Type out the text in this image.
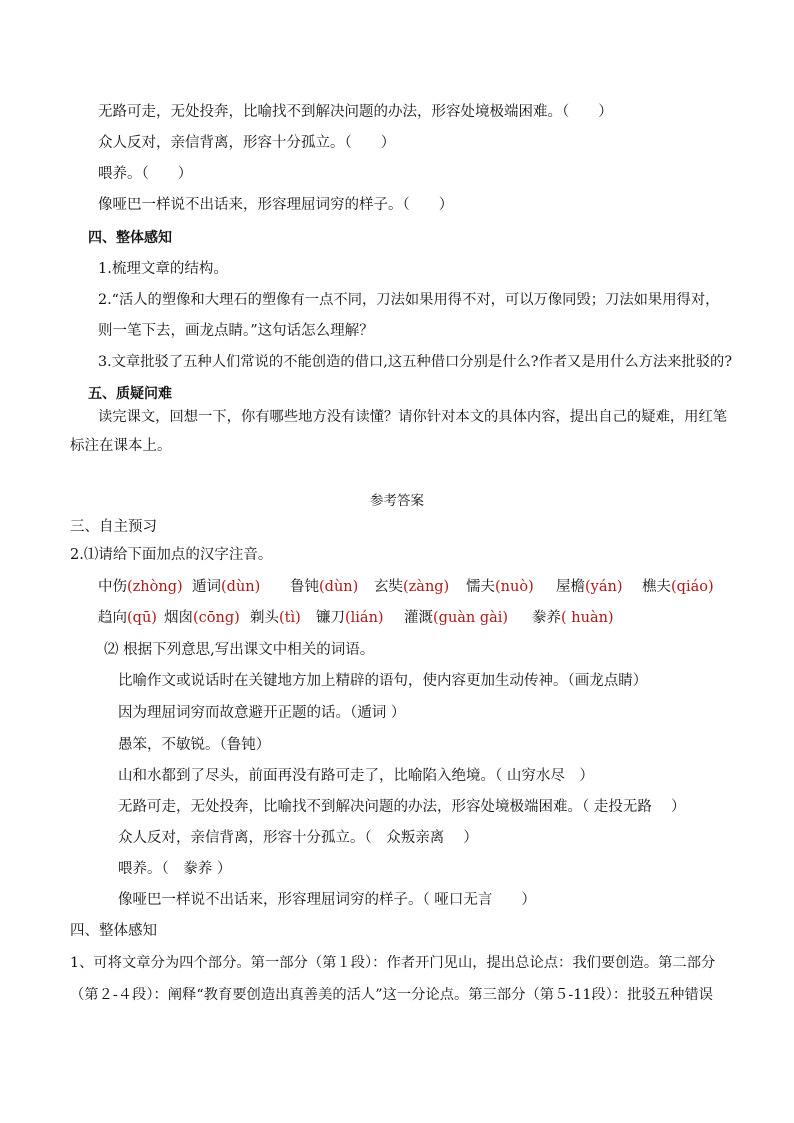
无路可走，无处投奔，比喻找不到解决问题的办法，形容处境极端困难。（　　）
众人反对，亲信背离，形容十分孤立。（　　）
喂养。（　　）
像哑巴一样说不出话来，形容理屈词穷的样子。（　　）
四、整体感知
1.梳理文章的结构。
2.“活人的塑像和大理石的塑像有一点不同，刀法如果用得不对，可以万像同毁；刀法如果用得对，
则一笔下去，画龙点睛。”这句话怎么理解？
3.文章批驳了五种人们常说的不能创造的借口,这五种借口分别是什么?作者又是用什么方法来批驳的?
五、质疑问难
读完课文，回想一下，你有哪些地方没有读懂？请你针对本文的具体内容，提出自己的疑难，用红笔
标注在课本上。
参考答案
三、自主预习
2.⑴请给下面加点的汉字注音。
中伤(zhòng) 遁词(dùn)	鲁钝(dùn)	玄奘(zàng)	懦夫(nuò)	屋檐(yán)	樵夫(qiáo)
趋向(qū) 烟囱(cōng) 剃头(tì)	镰刀(lián)	灌溉(guàn gài)	豢养( huàn)
⑵ 根据下列意思,写出课文中相关的词语。
比喻作文或说话时在关键地方加上精辟的语句，使内容更加生动传神。（画龙点睛）
因为理屈词穷而故意避开正题的话。（遁词 ）
愚笨，不敏锐。（鲁钝）
山和水都到了尽头，前面再没有路可走了，比喻陷入绝境。（ 山穷水尽　）
无路可走，无处投奔，比喻找不到解决问题的办法，形容处境极端困难。（ 走投无路　 ）
众人反对，亲信背离，形容十分孤立。（　众叛亲离　 ）
喂养。（　豢养 ）
像哑巴一样说不出话来，形容理屈词穷的样子。（ 哑口无言　　）
四、整体感知
1、可将文章分为四个部分。第一部分（第１段）：作者开门见山，提出总论点：我们要创造。第二部分
（第２-４段）：阐释“教育要创造出真善美的活人”这一分论点。第三部分（第５-11段）：批驳五种错误
